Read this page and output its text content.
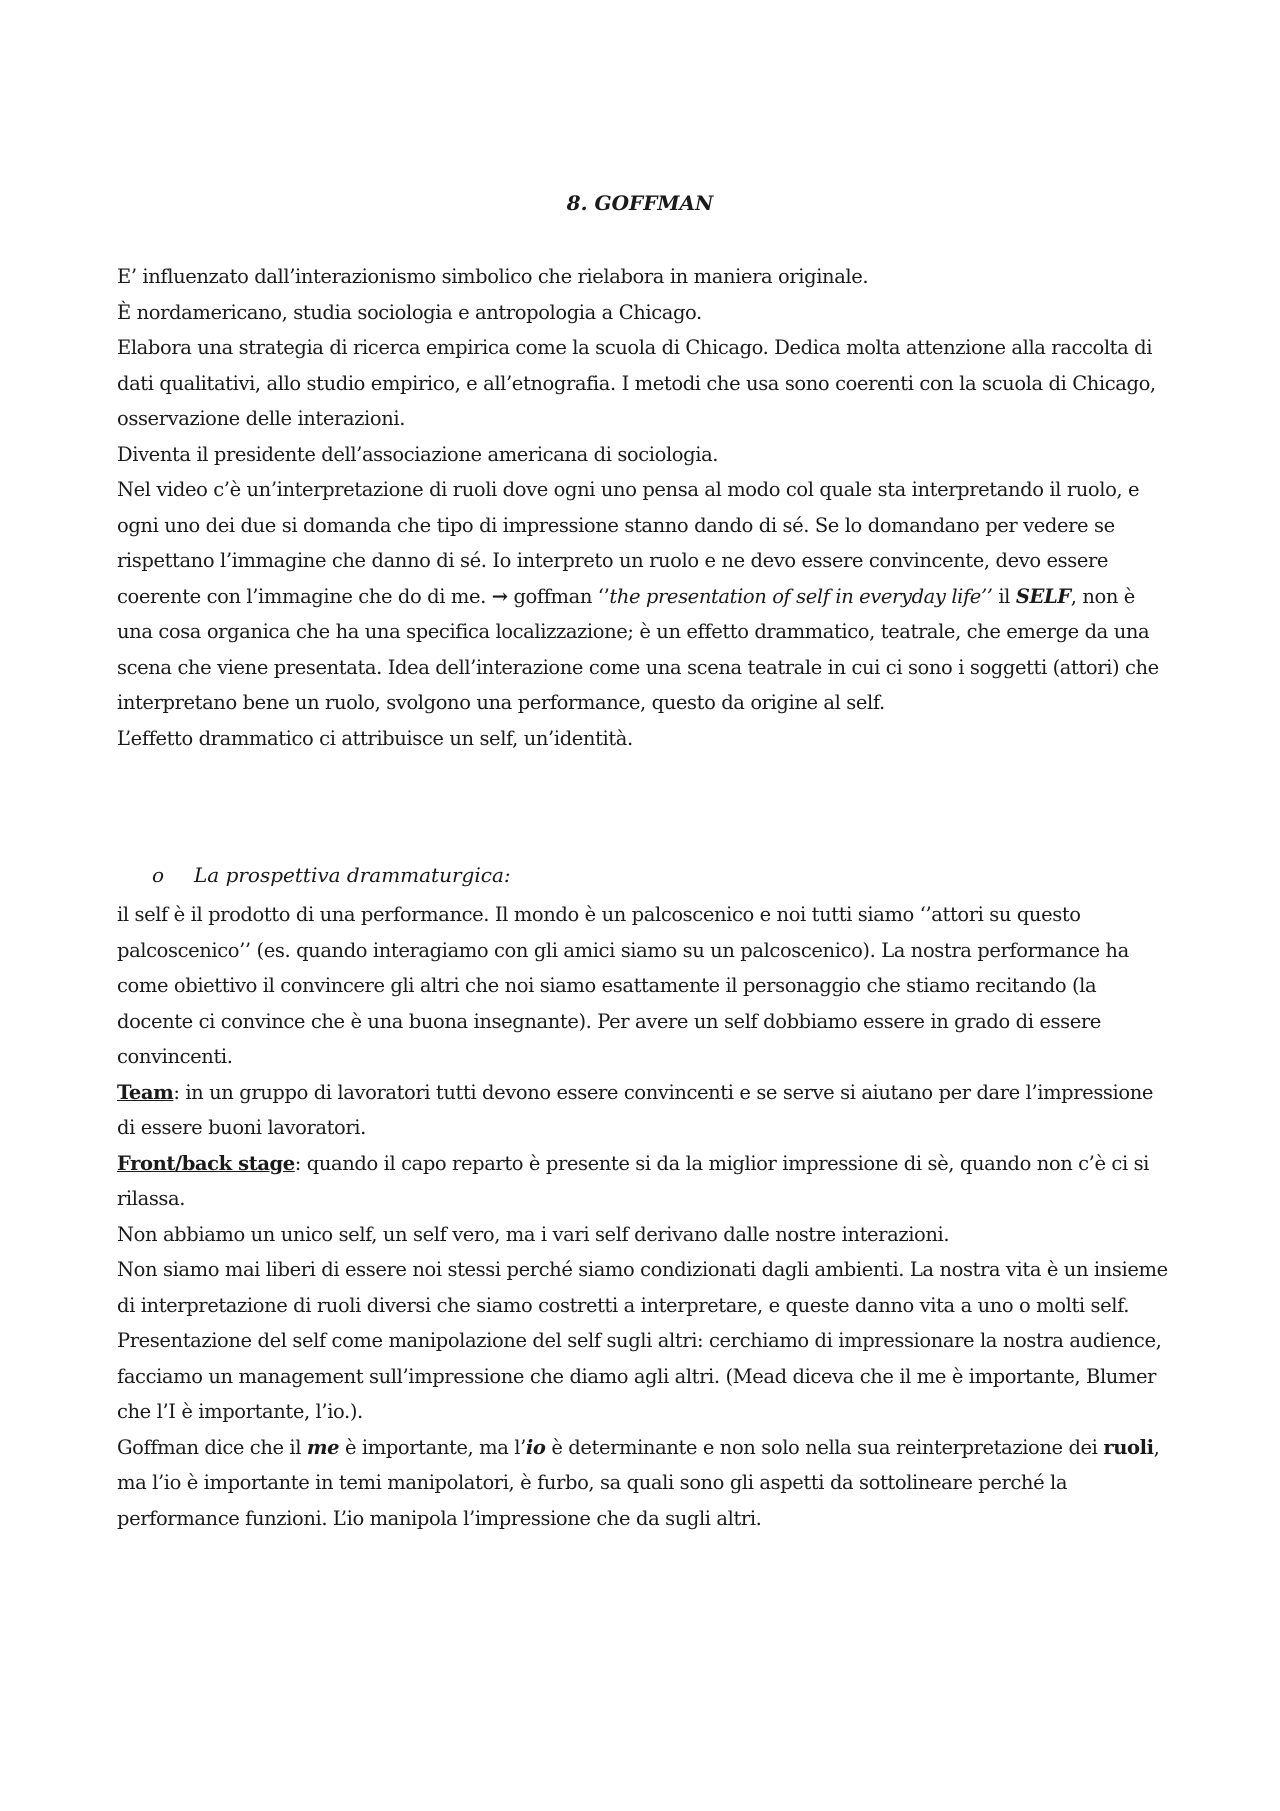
8. GOFFMAN

E’ influenzato dall’interazionismo simbolico che rielabora in maniera originale.

È nordamericano, studia sociologia e antropologia a Chicago.

Elabora una strategia di ricerca empirica come la scuola di Chicago. Dedica molta attenzione alla raccolta di dati qualitativi, allo studio empirico, e all’etnografia. I metodi che usa sono coerenti con la scuola di Chicago, osservazione delle interazioni.

Diventa il presidente dell’associazione americana di sociologia.

Nel video c’è un’interpretazione di ruoli dove ogni uno pensa al modo col quale sta interpretando il ruolo, e ogni uno dei due si domanda che tipo di impressione stanno dando di sé. Se lo domandano per vedere se rispettano l’immagine che danno di sé. Io interpreto un ruolo e ne devo essere convincente, devo essere coerente con l’immagine che do di me. → goffman ‘’the presentation of self in everyday life’’ il SELF, non è una cosa organica che ha una specifica localizzazione; è un effetto drammatico, teatrale, che emerge da una scena che viene presentata. Idea dell’interazione come una scena teatrale in cui ci sono i soggetti (attori) che interpretano bene un ruolo, svolgono una performance, questo da origine al self.

L’effetto drammatico ci attribuisce un self, un’identità.

o La prospettiva drammaturgica:

il self è il prodotto di una performance. Il mondo è un palcoscenico e noi tutti siamo ‘’attori su questo palcoscenico’’ (es. quando interagiamo con gli amici siamo su un palcoscenico). La nostra performance ha come obiettivo il convincere gli altri che noi siamo esattamente il personaggio che stiamo recitando (la docente ci convince che è una buona insegnante). Per avere un self dobbiamo essere in grado di essere convincenti.

Team: in un gruppo di lavoratori tutti devono essere convincenti e se serve si aiutano per dare l’impressione di essere buoni lavoratori.

Front/back stage: quando il capo reparto è presente si da la miglior impressione di sè, quando non c’è ci si rilassa.

Non abbiamo un unico self, un self vero, ma i vari self derivano dalle nostre interazioni.

Non siamo mai liberi di essere noi stessi perché siamo condizionati dagli ambienti. La nostra vita è un insieme di interpretazione di ruoli diversi che siamo costretti a interpretare, e queste danno vita a uno o molti self.

Presentazione del self come manipolazione del self sugli altri: cerchiamo di impressionare la nostra audience, facciamo un management sull’impressione che diamo agli altri. (Mead diceva che il me è importante, Blumer che l’I è importante, l’io.).

Goffman dice che il me è importante, ma l’io è determinante e non solo nella sua reinterpretazione dei ruoli, ma l’io è importante in temi manipolatori, è furbo, sa quali sono gli aspetti da sottolineare perché la performance funzioni. L’io manipola l’impressione che da sugli altri.
